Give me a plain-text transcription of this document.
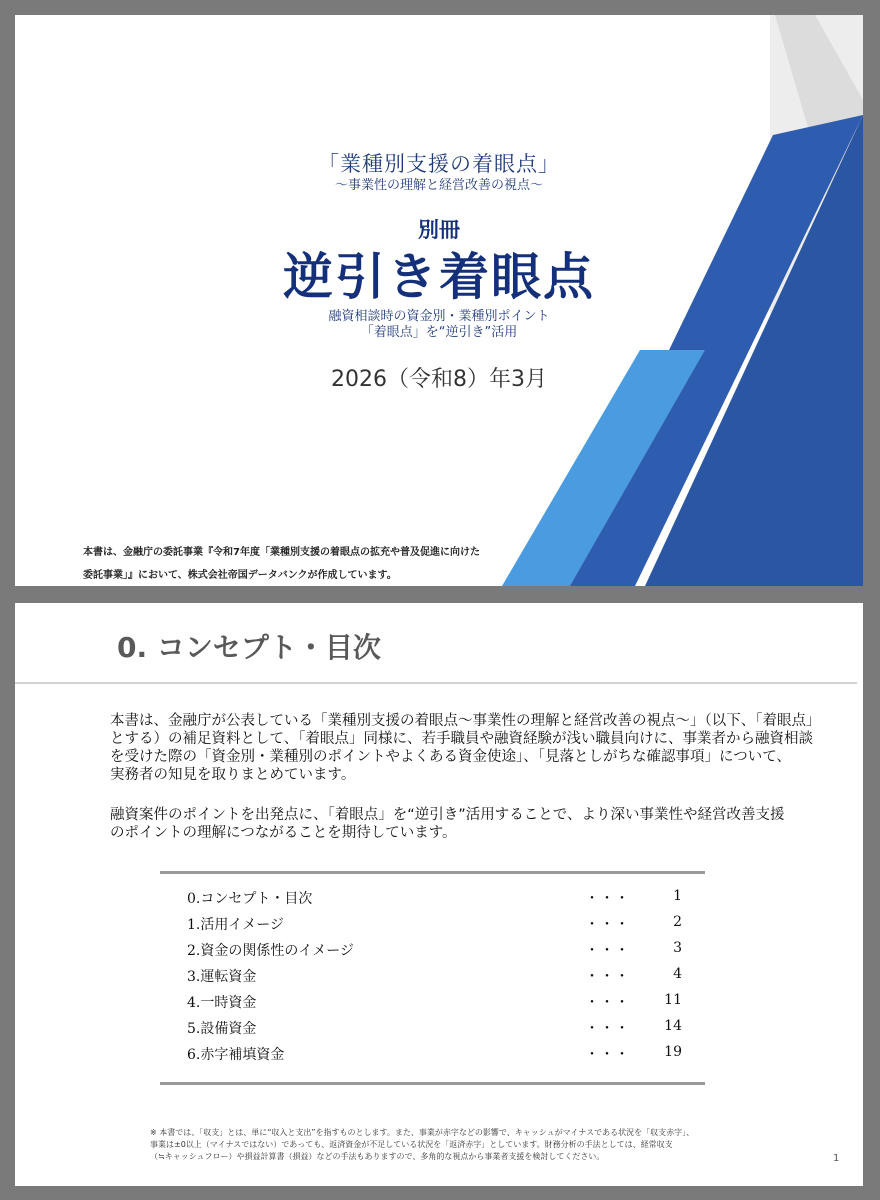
「業種別支援の着眼点」
～事業性の理解と経営改善の視点～
別冊
逆引き着眼点
融資相談時の資金別・業種別ポイント
「着眼点」を“逆引き”活用
2026（令和8）年3月
本書は、金融庁の委託事業『令和7年度「業種別支援の着眼点の拡充や普及促進に向けた
委託事業」』において、株式会社帝国データバンクが作成しています。
0. コンセプト・目次
本書は、金融庁が公表している「業種別支援の着眼点～事業性の理解と経営改善の視点～」（以下、「着眼点」
とする）の補足資料として、「着眼点」同様に、若手職員や融資経験が浅い職員向けに、事業者から融資相談
を受けた際の「資金別・業種別のポイントやよくある資金使途」、「見落としがちな確認事項」について、
実務者の知見を取りまとめています。
融資案件のポイントを出発点に、「着眼点」を“逆引き”活用することで、より深い事業性や経営改善支援
のポイントの理解につながることを期待しています。
0.コンセプト・目次	・・・	1
1.活用イメージ	・・・	2
2.資金の関係性のイメージ	・・・	3
3.運転資金	・・・	4
4.一時資金	・・・ 11
5.設備資金	・・・ 14
6.赤字補填資金	・・・ 19
※ 本書では、「収支」とは、単に“収入と支出”を指すものとします。また、事業が赤字などの影響で、キャッシュがマイナスである状況を「収支赤字」、
事業は±0以上（マイナスではない）であっても、返済資金が不足している状況を「返済赤字」としています。財務分析の手法としては、経常収支
（≒キャッシュフロー）や損益計算書（損益）などの手法もありますので、多角的な視点から事業者支援を検討してください。	1
